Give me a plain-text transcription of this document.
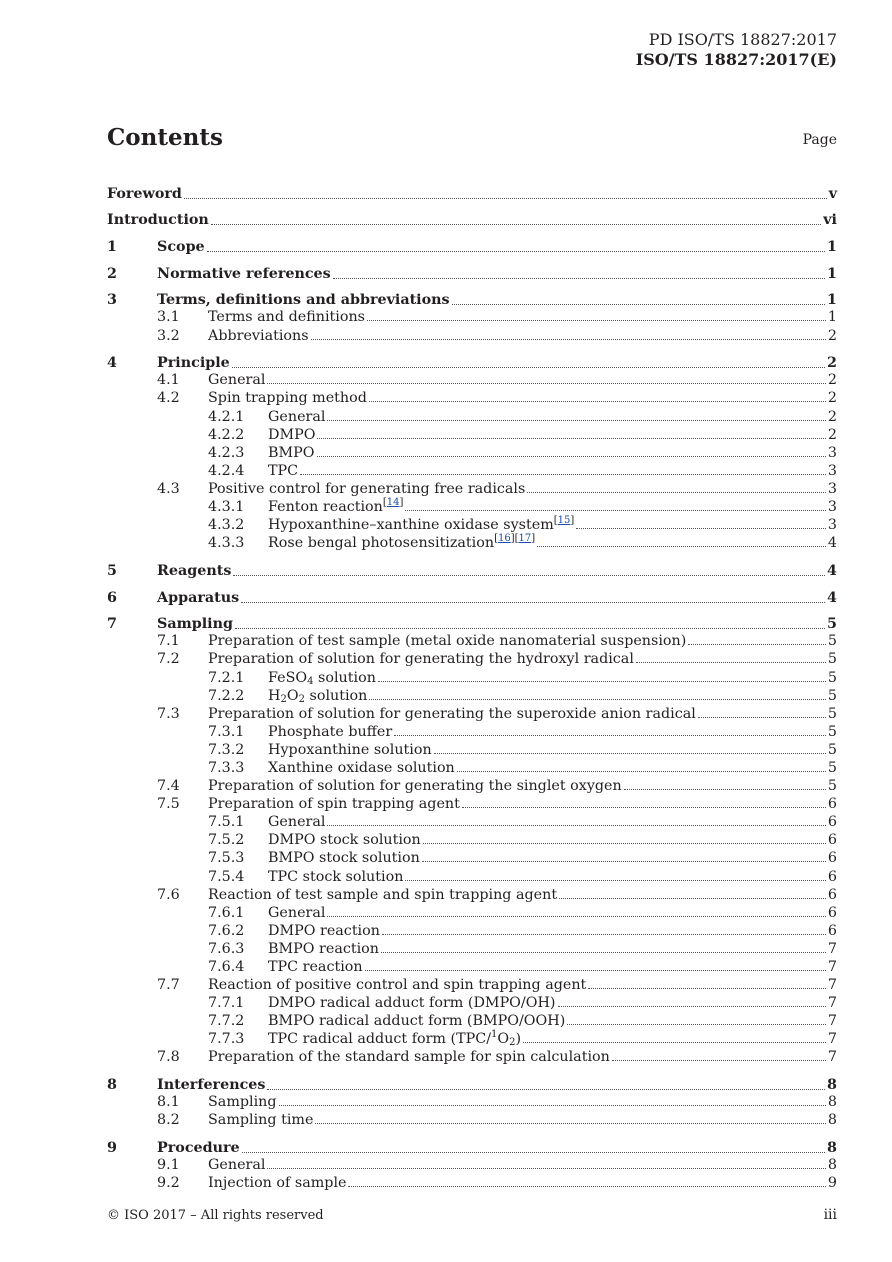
PD ISO/TS 18827:2017
ISO/TS 18827:2017(E)
Contents	Page
Foreword	v
Introduction	vi
1	Scope	1
2	Normative references	1
3	Terms, definitions and abbreviations	1
3.1	Terms and definitions	1
3.2	Abbreviations	2
4	Principle	2
4.1	General	2
4.2	Spin trapping method	2
4.2.1	General	2
4.2.2	DMPO	2
4.2.3	BMPO	3
4.2.4	TPC	3
4.3	Positive control for generating free radicals	3
4.3.1	Fenton reaction[14]	3
4.3.2	Hypoxanthine–xanthine oxidase system[15]	3
4.3.3	Rose bengal photosensitization[16][17]	4
5	Reagents	4
6	Apparatus	4
7	Sampling	5
7.1	Preparation of test sample (metal oxide nanomaterial suspension)	5
7.2	Preparation of solution for generating the hydroxyl radical	5
7.2.1	FeSO$_4$ solution	5
7.2.2	$H_2O_2$ solution	5
7.3	Preparation of solution for generating the superoxide anion radical	5
7.3.1	Phosphate buffer	5
7.3.2	Hypoxanthine solution	5
7.3.3	Xanthine oxidase solution	5
7.4	Preparation of solution for generating the singlet oxygen	5
7.5	Preparation of spin trapping agent	6
7.5.1	General	6
7.5.2	DMPO stock solution	6
7.5.3	BMPO stock solution	6
7.5.4	TPC stock solution	6
7.6	Reaction of test sample and spin trapping agent	6
7.6.1	General	6
7.6.2	DMPO reaction	6
7.6.3	BMPO reaction	7
7.6.4	TPC reaction	7
7.7	Reaction of positive control and spin trapping agent	7
7.7.1	DMPO radical adduct form (DMPO/OH)	7
7.7.2	BMPO radical adduct form (BMPO/OOH)	7
7.7.3	TPC radical adduct form $(TPC/^1O_2)$	7
7.8	Preparation of the standard sample for spin calculation	7
8	Interferences	8
8.1	Sampling	8
8.2	Sampling time	8
9	Procedure	8
9.1	General	8
9.2	Injection of sample	9
© ISO 2017 – All rights reserved	iii
